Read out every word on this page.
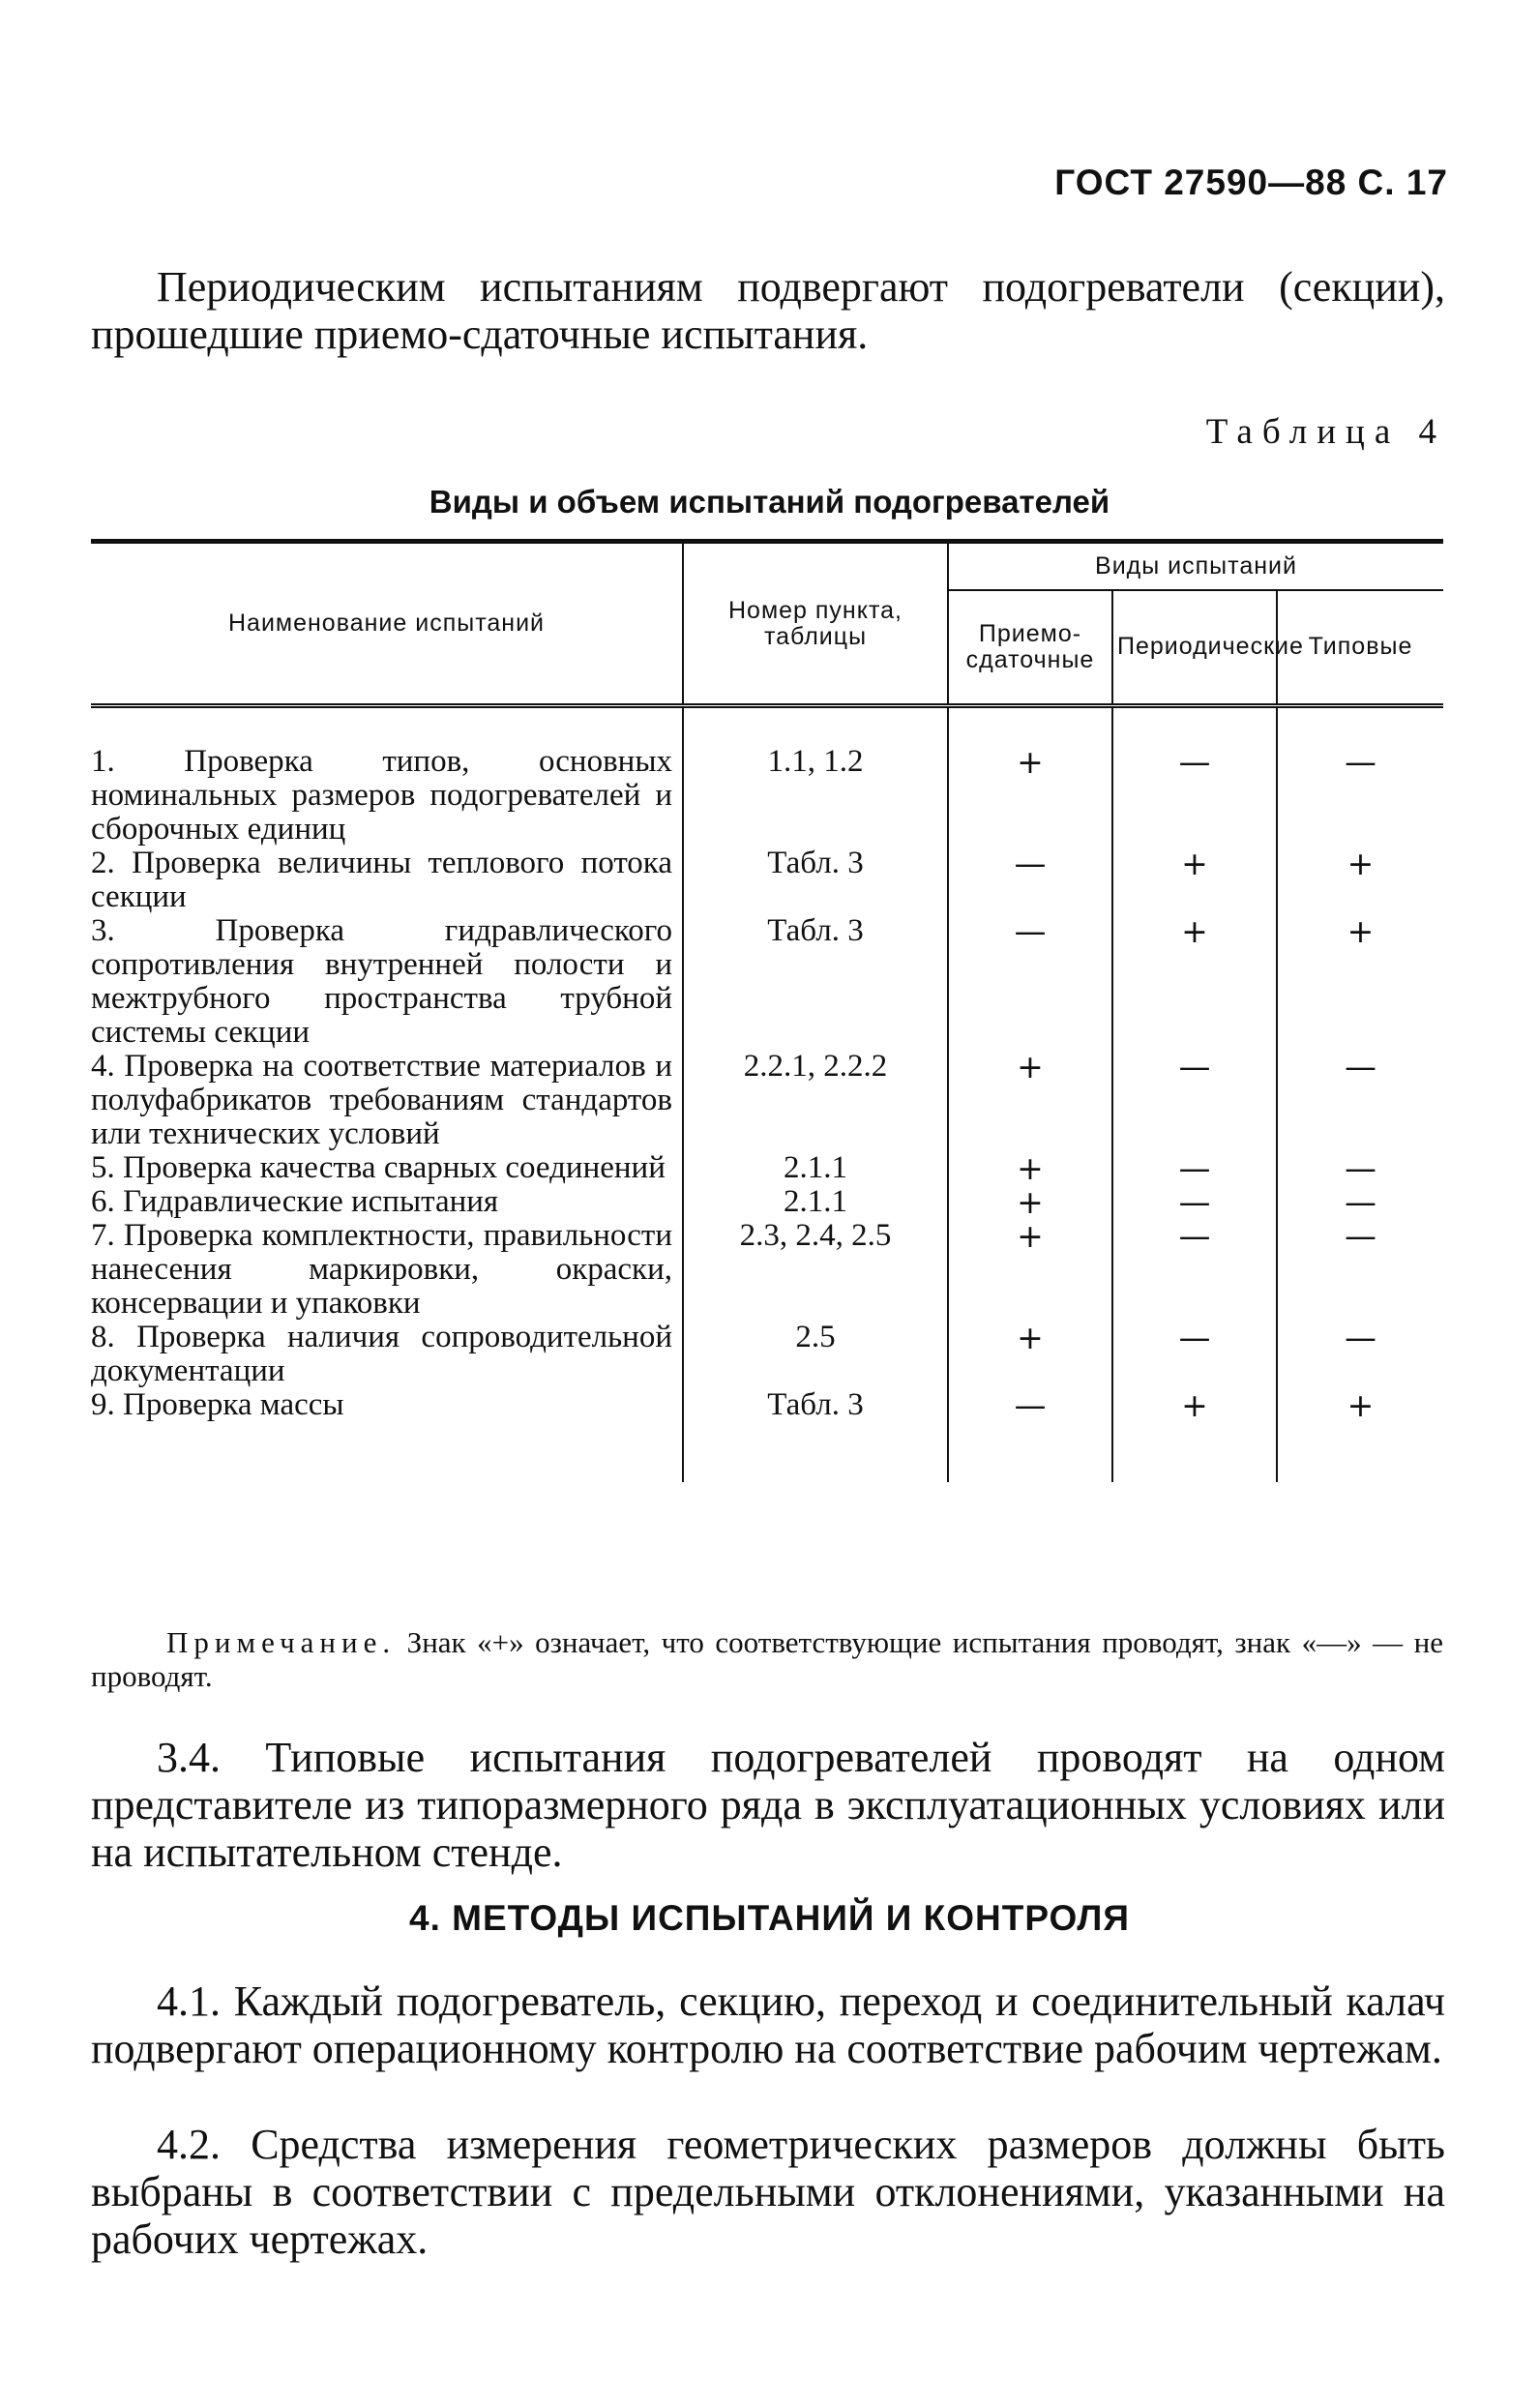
ГОСТ 27590—88 С. 17

Периодическим испытаниям подвергают подогреватели (секции), прошедшие приемо-сдаточные испытания.

Таблица 4
Виды и объем испытаний подогревателей
Наименование испытаний	Номер пункта, таблицы	Виды испытаний		
		Приемо-сдаточные	Периодические	Типовые

1. Проверка типов, основных номинальных размеров подогревателей и сборочных единиц	1.1, 1.2	+	—	—
2. Проверка величины теплового потока секции	Табл. 3	—	+	+
3. Проверка гидравлического сопротивления внутренней полости и межтрубного пространства трубной системы секции	Табл. 3	—	+	+
4. Проверка на соответствие материалов и полуфабрикатов требованиям стандартов или технических условий	2.2.1, 2.2.2	+	—	—
5. Проверка качества сварных соединений	2.1.1	+	—	—
6. Гидравлические испытания	2.1.1	+	—	—
7. Проверка комплектности, правильности нанесения маркировки, окраски, консервации и упаковки	2.3, 2.4, 2.5	+	—	—
8. Проверка наличия сопроводительной документации	2.5	+	—	—
9. Проверка массы	Табл. 3	—	+	+

Примечание. Знак «+» означает, что соответствующие испытания проводят, знак «—» — не проводят.

3.4. Типовые испытания подогревателей проводят на одном представителе из типоразмерного ряда в эксплуатационных условиях или на испытательном стенде.

4. МЕТОДЫ ИСПЫТАНИЙ И КОНТРОЛЯ

4.1. Каждый подогреватель, секцию, переход и соединительный калач подвергают операционному контролю на соответствие рабочим чертежам.

4.2. Средства измерения геометрических размеров должны быть выбраны в соответствии с предельными отклонениями, указанными на рабочих чертежах.
